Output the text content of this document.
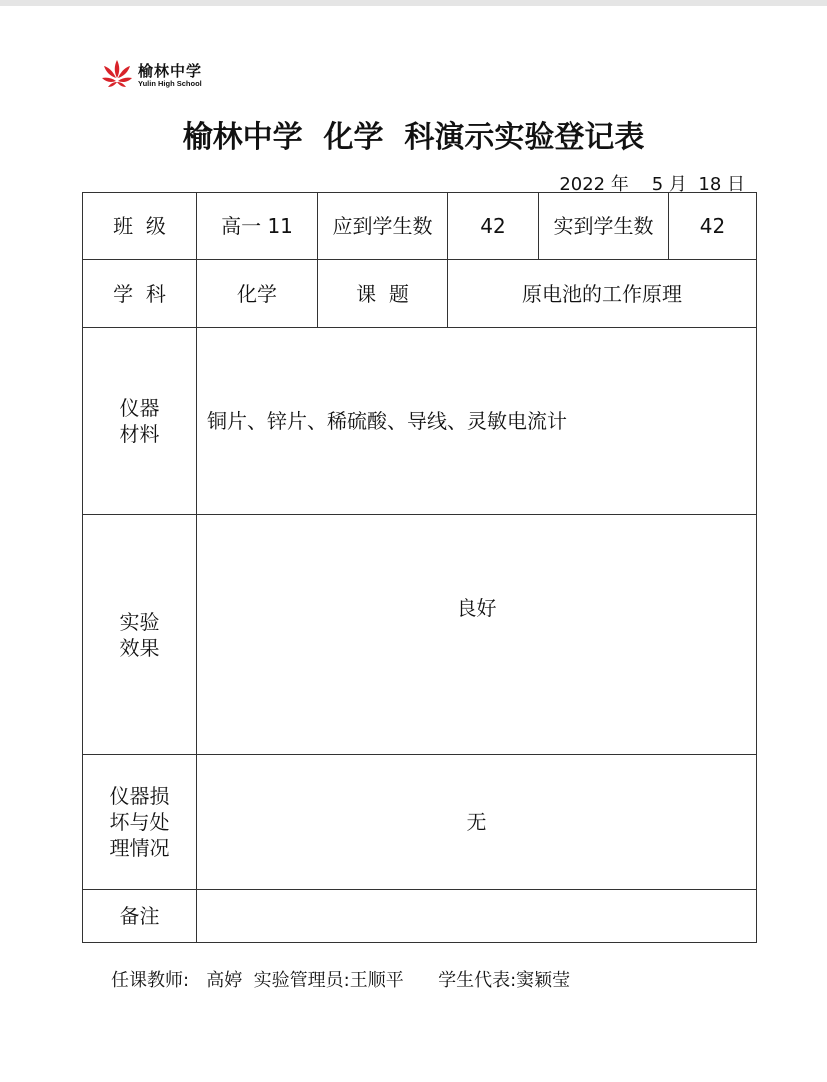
榆林中学
Yulin High School
榆林中学  化学  科演示实验登记表
2022 年    5 月  18 日
班  级	高一 11	应到学生数	42	实到学生数	42
学  科	化学	课  题	原电池的工作原理		

仪器
材料	铜片、锌片、稀硫酸、导线、灵敏电流计				

实验
效果	良好				

仪器损
坏与处
理情况	无				
备注					
任课教师:   高婷  实验管理员:王顺平      学生代表:窦颖莹
